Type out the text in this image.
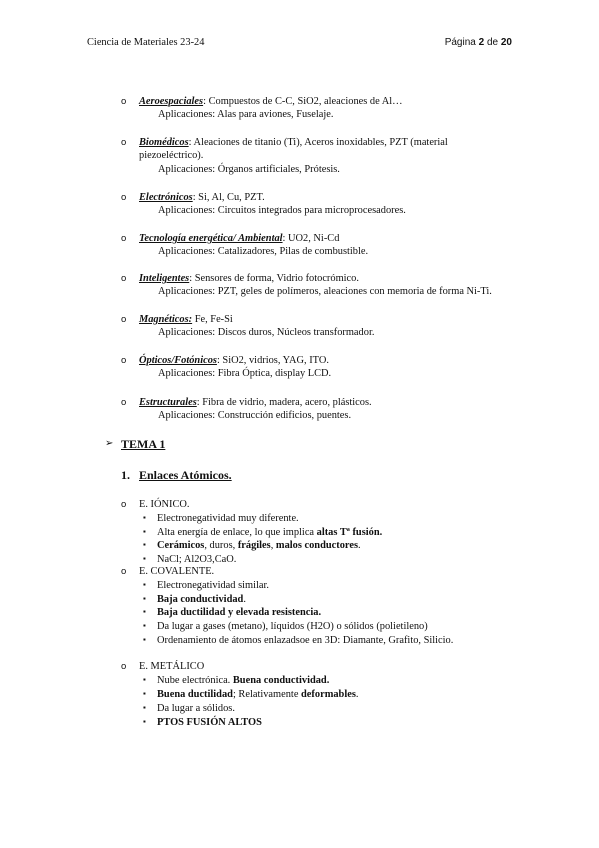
Ciencia de Materiales 23-24	Página 2 de 20
o Aeroespaciales: Compuestos de C-C, SiO2, aleaciones de Al…
Aplicaciones: Alas para aviones, Fuselaje.
o Biomédicos: Aleaciones de titanio (Ti), Aceros inoxidables, PZT (material
piezoeléctrico).
Aplicaciones: Órganos artificiales, Prótesis.
o Electrónicos: Si, Al, Cu, PZT.
Aplicaciones: Circuitos integrados para microprocesadores.
o Tecnología energética/ Ambiental: UO2, Ni-Cd
Aplicaciones: Catalizadores, Pilas de combustible.
o Inteligentes: Sensores de forma, Vidrio fotocrómico.
Aplicaciones: PZT, geles de polímeros, aleaciones con memoria de forma Ni-Ti.
o Magnéticos: Fe, Fe-Si
Aplicaciones: Discos duros, Núcleos transformador.
o Ópticos/Fotónicos: SiO2, vidrios, YAG, ITO.
Aplicaciones: Fibra Óptica, display LCD.
o Estructurales: Fibra de vidrio, madera, acero, plásticos.
Aplicaciones: Construcción edificios, puentes.
➢ TEMA 1
1. Enlaces Atómicos.
o E. IÓNICO.
▪ Electronegatividad muy diferente.
▪ Alta energía de enlace, lo que implica altas Tª fusión.
▪ Cerámicos, duros, frágiles, malos conductores.
▪ NaCl; Al2O3,CaO.
o E. COVALENTE.
▪ Electronegatividad similar.
▪ Baja conductividad.
▪ Baja ductilidad y elevada resistencia.
▪ Da lugar a gases (metano), líquidos (H2O) o sólidos (polietileno)
▪ Ordenamiento de átomos enlazadsoe en 3D: Diamante, Grafito, Silicio.
o E. METÁLICO
▪ Nube electrónica. Buena conductividad.
▪ Buena ductilidad; Relativamente deformables.
▪ Da lugar a sólidos.
▪ PTOS FUSIÓN ALTOS
